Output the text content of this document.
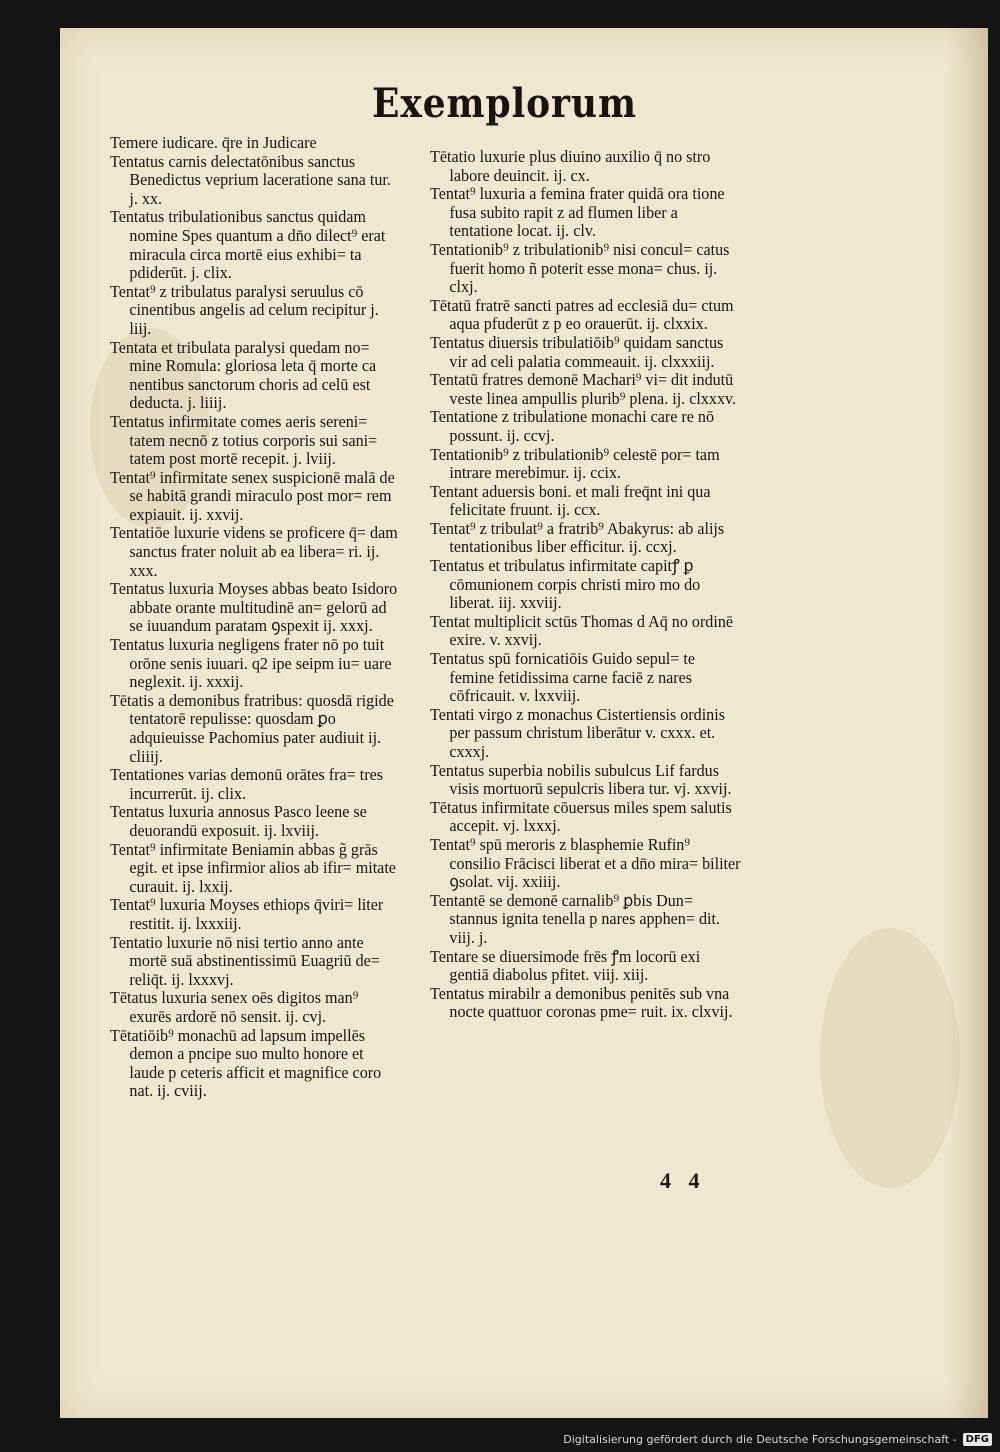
Exemplorum
Temere iudicare. q̄re in Judicare
Tentatus carnis delectatōnibus sanctus Benedictus veprium laceratione sana tur. j. xx.
Tentatus tribulationibus sanctus quidam nomine Spes quantum a dn̄o dilect⁹ erat miracula circa mortē eius exhibi= ta pdiderūt. j. clix.
Tentat⁹ z tribulatus paralysi seruulus cō cinentibus angelis ad celum recipitur j. liij.
Tentata et tribulata paralysi quedam no= mine Romula: gloriosa leta q̄ morte ca nentibus sanctorum choris ad celū est deducta. j. liiij.
Tentatus infirmitate comes aeris sereni= tatem necnō z totius corporis sui sani= tatem post mortē recepit. j. lviij.
Tentat⁹ infirmitate senex suspicionē malā de se habitā grandi miraculo post mor= rem expiauit. ij. xxvij.
Tentatiōe luxurie videns se proficere q̄= dam sanctus frater noluit ab ea libera= ri. ij. xxx.
Tentatus luxuria Moyses abbas beato Isidoro abbate orante multitudinē an= gelorū ad se iuuandum paratam ꝯspexit ij. xxxj.
Tentatus luxuria negligens frater nō po tuit orōne senis iuuari. q2 ipe seipm iu= uare neglexit. ij. xxxij.
Tētatis a demonibus fratribus: quosdā rigide tentatorē repulisse: quosdam ꝑo adquieuisse Pachomius pater audiuit ij. cliiij.
Tentationes varias demonū orātes fra= tres incurrerūt. ij. clix.
Tentatus luxuria annosus Pasco leene se deuorandū exposuit. ij. lxviij.
Tentat⁹ infirmitate Beniamin abbas g̃ grās egit. et ipse infirmior alios ab ifir= mitate curauit. ij. lxxij.
Tentat⁹ luxuria Moyses ethiops q̄viri= liter restitit. ij. lxxxiij.
Tentatio luxurie nō nisi tertio anno ante mortē suā abstinentissimū Euagriū de= reliq̄t. ij. lxxxvj.
Tētatus luxuria senex oēs digitos man⁹ exurēs ardorē nō sensit. ij. cvj.
Tētatiōib⁹ monachū ad lapsum impellēs demon a pncipe suo multo honore et laude p ceteris afficit et magnifice coro nat. ij. cviij.
Tētatio luxurie plus diuino auxilio q̄ no stro labore deuincit. ij. cx.
Tentat⁹ luxuria a femina frater quidā ora tione fusa subito rapit z ad flumen liber a tentatione locat. ij. clv.
Tentationib⁹ z tribulationib⁹ nisi concul= catus fuerit homo ñ poterit esse mona= chus. ij. clxj.
Tētatū fratrē sancti patres ad ecclesiā du= ctum aqua pfuderūt z p eo orauerūt. ij. clxxix.
Tentatus diuersis tribulatiōib⁹ quidam sanctus vir ad celi palatia commeauit. ij. clxxxiij.
Tentatū fratres demonē Machari⁹ vi= dit indutū veste linea ampullis plurib⁹ plena. ij. clxxxv.
Tentatione z tribulatione monachi care re nō possunt. ij. ccvj.
Tentationib⁹ z tribulationib⁹ celestē por= tam intrare merebimur. ij. ccix.
Tentant aduersis boni. et mali freq̄nt ini qua felicitate fruunt. ij. ccx.
Tentat⁹ z tribulat⁹ a fratrib⁹ Abakyrus: ab alijs tentationibus liber efficitur. ij. ccxj.
Tentatus et tribulatus infirmitate capitꝭ ꝑ cōmunionem corpis christi miro mo do liberat. iij. xxviij.
Tentat multiplicit sctūs Thomas d Aq̄ no ordinē exire. v. xxvij.
Tentatus spū fornicatiōis Guido sepul= te femine fetidissima carne faciē z nares cōfricauit. v. lxxviij.
Tentati virgo z monachus Cistertiensis ordinis per passum christum liberātur v. cxxx. et. cxxxj.
Tentatus superbia nobilis subulcus Lif fardus visis mortuorū sepulcris libera tur. vj. xxvij.
Tētatus infirmitate cōuersus miles spem salutis accepit. vj. lxxxj.
Tentat⁹ spū meroris z blasphemie Rufin⁹ consilio Frācisci liberat et a dn̄o mira= biliter ꝯsolat. vij. xxiiij.
Tentantē se demonē carnalib⁹ ꝑbis Dun= stannus ignita tenella p nares apphen= dit. viij. j.
Tentare se diuersimode frēs ꝭm locorū exi gentiā diabolus pfitet. viij. xiij.
Tentatus mirabilr a demonibus penitēs sub vna nocte quattuor coronas pme= ruit. ix. clxvij.
4 4
Digitalisierung gefördert durch die Deutsche Forschungsgemeinschaft - DFG
